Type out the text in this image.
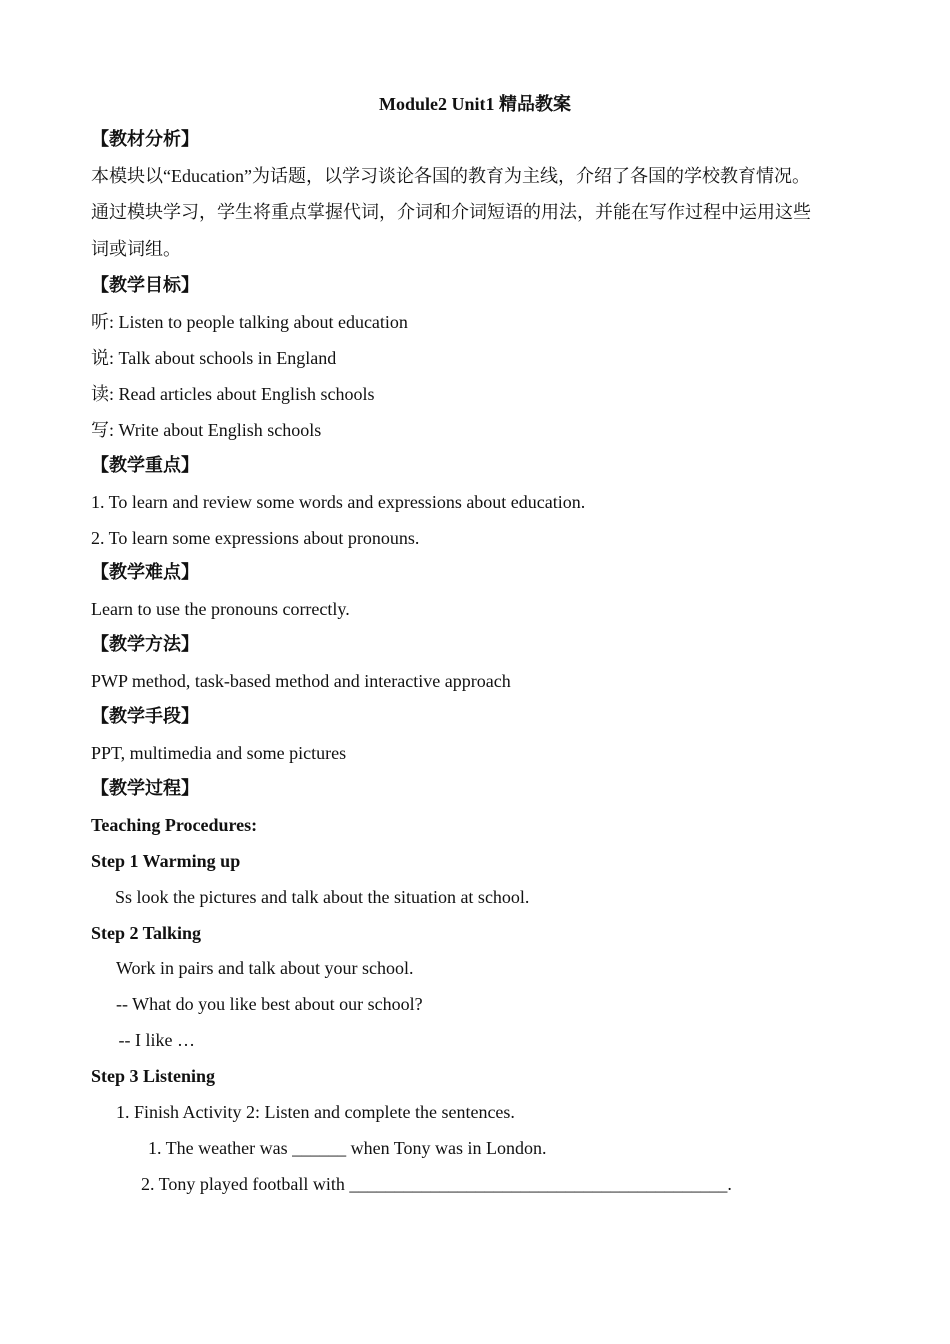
Module2 Unit1 精品教案
【教材分析】
本模块以“Education”为话题，以学习谈论各国的教育为主线，介绍了各国的学校教育情况。
通过模块学习，学生将重点掌握代词，介词和介词短语的用法，并能在写作过程中运用这些
词或词组。
【教学目标】
听: Listen to people talking about education
说: Talk about schools in England
读: Read articles about English schools
写: Write about English schools
【教学重点】
1. To learn and review some words and expressions about education.
2. To learn some expressions about pronouns.
【教学难点】
Learn to use the pronouns correctly.
【教学方法】
PWP method, task-based method and interactive approach
【教学手段】
PPT, multimedia and some pictures
【教学过程】
Teaching Procedures:
Step 1 Warming up
Ss look the pictures and talk about the situation at school.
Step 2 Talking
Work in pairs and talk about your school.
-- What do you like best about our school?
-- I like …
Step 3 Listening
1. Finish Activity 2: Listen and complete the sentences.
1. The weather was ______ when Tony was in London.
2. Tony played football with __________________________________________.
